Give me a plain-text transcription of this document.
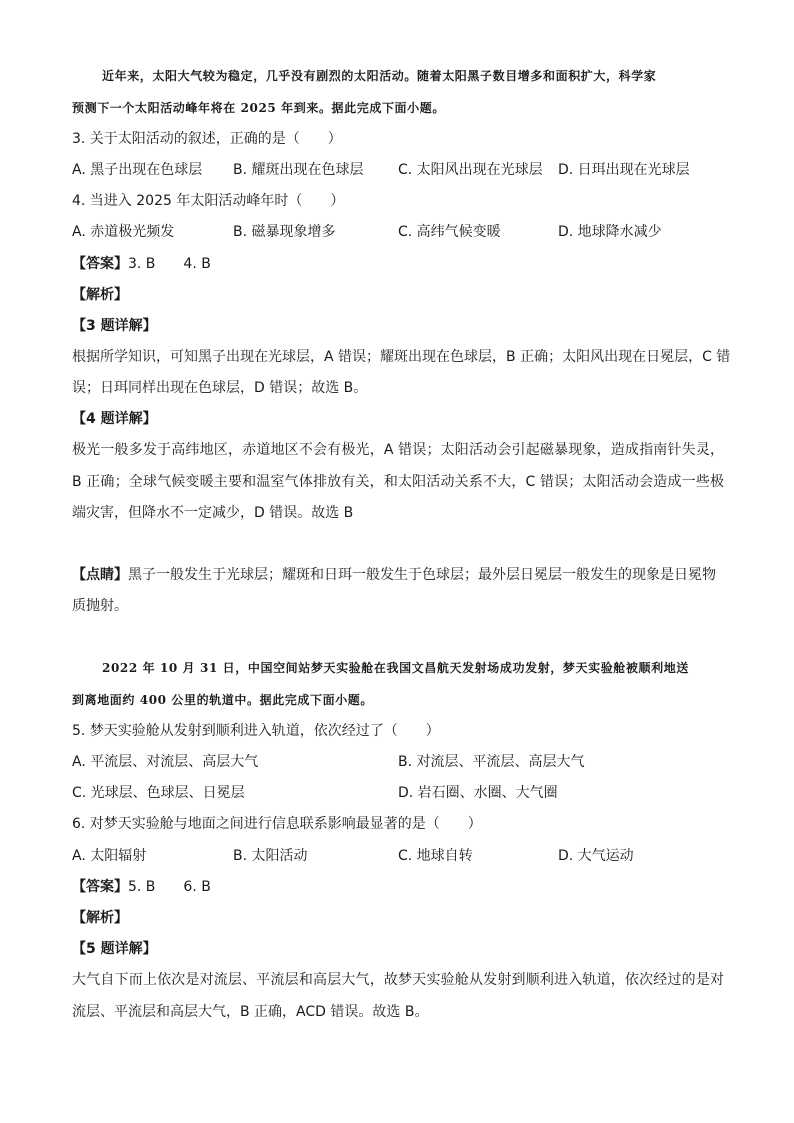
近年来，太阳大气较为稳定，几乎没有剧烈的太阳活动。随着太阳黑子数目增多和面积扩大，科学家
预测下一个太阳活动峰年将在 2025 年到来。据此完成下面小题。
3. 关于太阳活动的叙述，正确的是（　　）
A. 黑子出现在色球层 B. 耀斑出现在色球层 C. 太阳风出现在光球层 D. 日珥出现在光球层
4. 当进入 2025 年太阳活动峰年时（　　）
A. 赤道极光频发	B. 磁暴现象增多	C. 高纬气候变暖	D. 地球降水减少
【答案】3. B　　4. B
【解析】
【3 题详解】
根据所学知识，可知黑子出现在光球层，A 错误；耀斑出现在色球层，B 正确；太阳风出现在日冕层，C 错
误；日珥同样出现在色球层，D 错误；故选 B。
【4 题详解】
极光一般多发于高纬地区，赤道地区不会有极光，A 错误；太阳活动会引起磁暴现象，造成指南针失灵，
B 正确；全球气候变暖主要和温室气体排放有关，和太阳活动关系不大，C 错误；太阳活动会造成一些极
端灾害，但降水不一定减少，D 错误。故选 B
【点睛】黑子一般发生于光球层；耀斑和日珥一般发生于色球层；最外层日冕层一般发生的现象是日冕物
质抛射。
2022 年 10 月 31 日，中国空间站梦天实验舱在我国文昌航天发射场成功发射，梦天实验舱被顺利地送
到离地面约 400 公里的轨道中。据此完成下面小题。
5. 梦天实验舱从发射到顺利进入轨道，依次经过了（　　）
A. 平流层、对流层、高层大气	B. 对流层、平流层、高层大气
C. 光球层、色球层、日冕层	D. 岩石圈、水圈、大气圈
6. 对梦天实验舱与地面之间进行信息联系影响最显著的是（　　）
A. 太阳辐射	B. 太阳活动	C. 地球自转	D. 大气运动
【答案】5. B　　6. B
【解析】
【5 题详解】
大气自下而上依次是对流层、平流层和高层大气，故梦天实验舱从发射到顺利进入轨道，依次经过的是对
流层、平流层和高层大气，B 正确，ACD 错误。故选 B。
